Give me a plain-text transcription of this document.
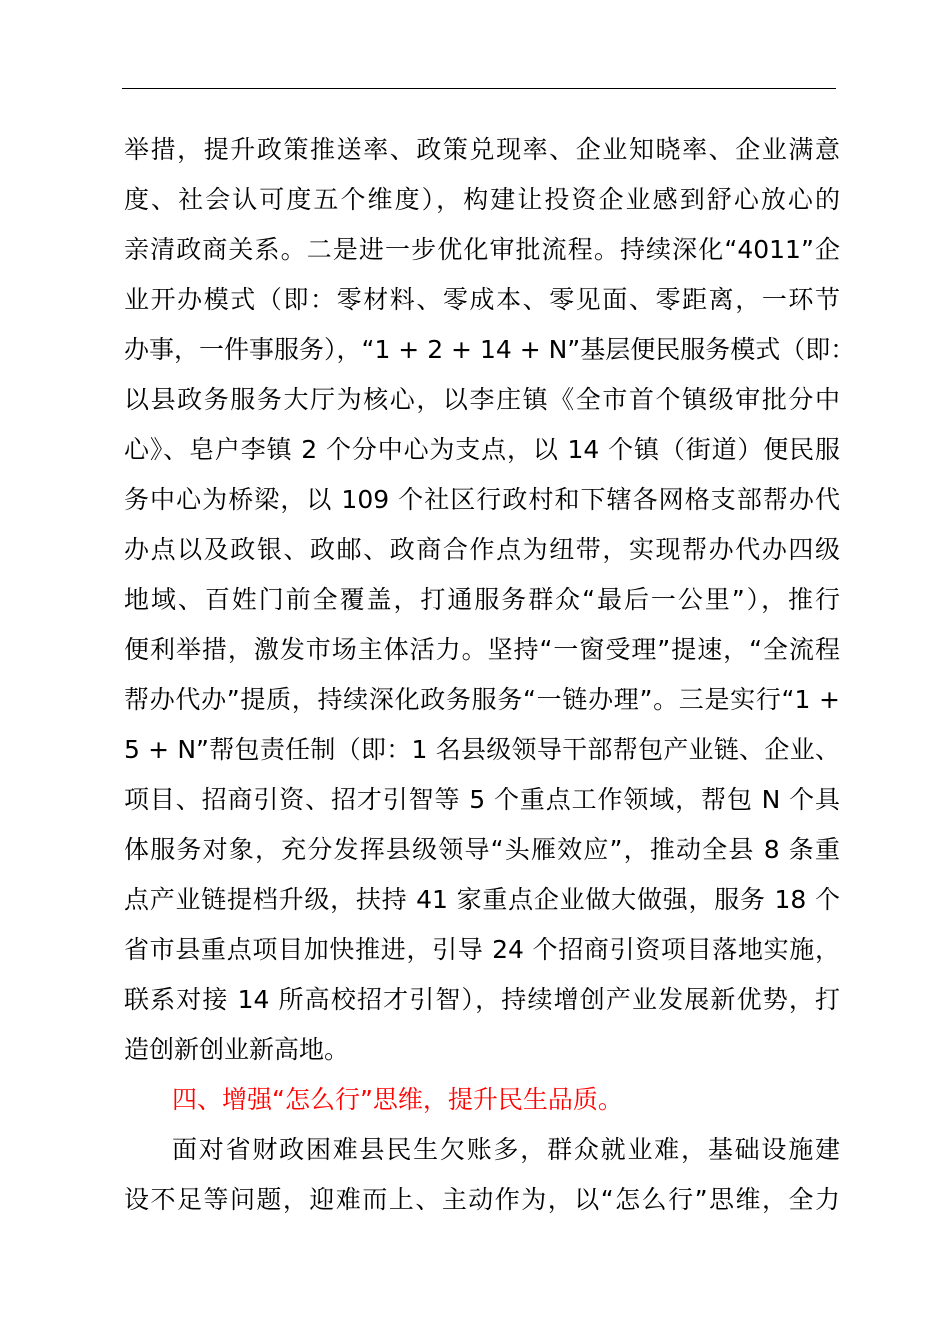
举措，提升政策推送率、政策兑现率、企业知晓率、企业满意
度、社会认可度五个维度），构建让投资企业感到舒心放心的
亲清政商关系。二是进一步优化审批流程。持续深化“4011”企
业开办模式（即：零材料、零成本、零见面、零距离，一环节
办事，一件事服务），“1 + 2 + 14 + N”基层便民服务模式（即：
以县政务服务大厅为核心，以李庄镇《全市首个镇级审批分中
心》、皂户李镇 2 个分中心为支点，以 14 个镇（街道）便民服
务中心为桥梁，以 109 个社区行政村和下辖各网格支部帮办代
办点以及政银、政邮、政商合作点为纽带，实现帮办代办四级
地域、百姓门前全覆盖，打通服务群众“最后一公里”），推行
便利举措，激发市场主体活力。坚持“一窗受理”提速，“全流程
帮办代办”提质，持续深化政务服务“一链办理”。三是实行“1 +
5 + N”帮包责任制（即：1 名县级领导干部帮包产业链、企业、
项目、招商引资、招才引智等 5 个重点工作领域，帮包 N 个具
体服务对象，充分发挥县级领导“头雁效应”，推动全县 8 条重
点产业链提档升级，扶持 41 家重点企业做大做强，服务 18 个
省市县重点项目加快推进，引导 24 个招商引资项目落地实施，
联系对接 14 所高校招才引智），持续增创产业发展新优势，打
造创新创业新高地。
四、增强“怎么行”思维，提升民生品质。
面对省财政困难县民生欠账多，群众就业难，基础设施建
设不足等问题，迎难而上、主动作为，以“怎么行”思维，全力
